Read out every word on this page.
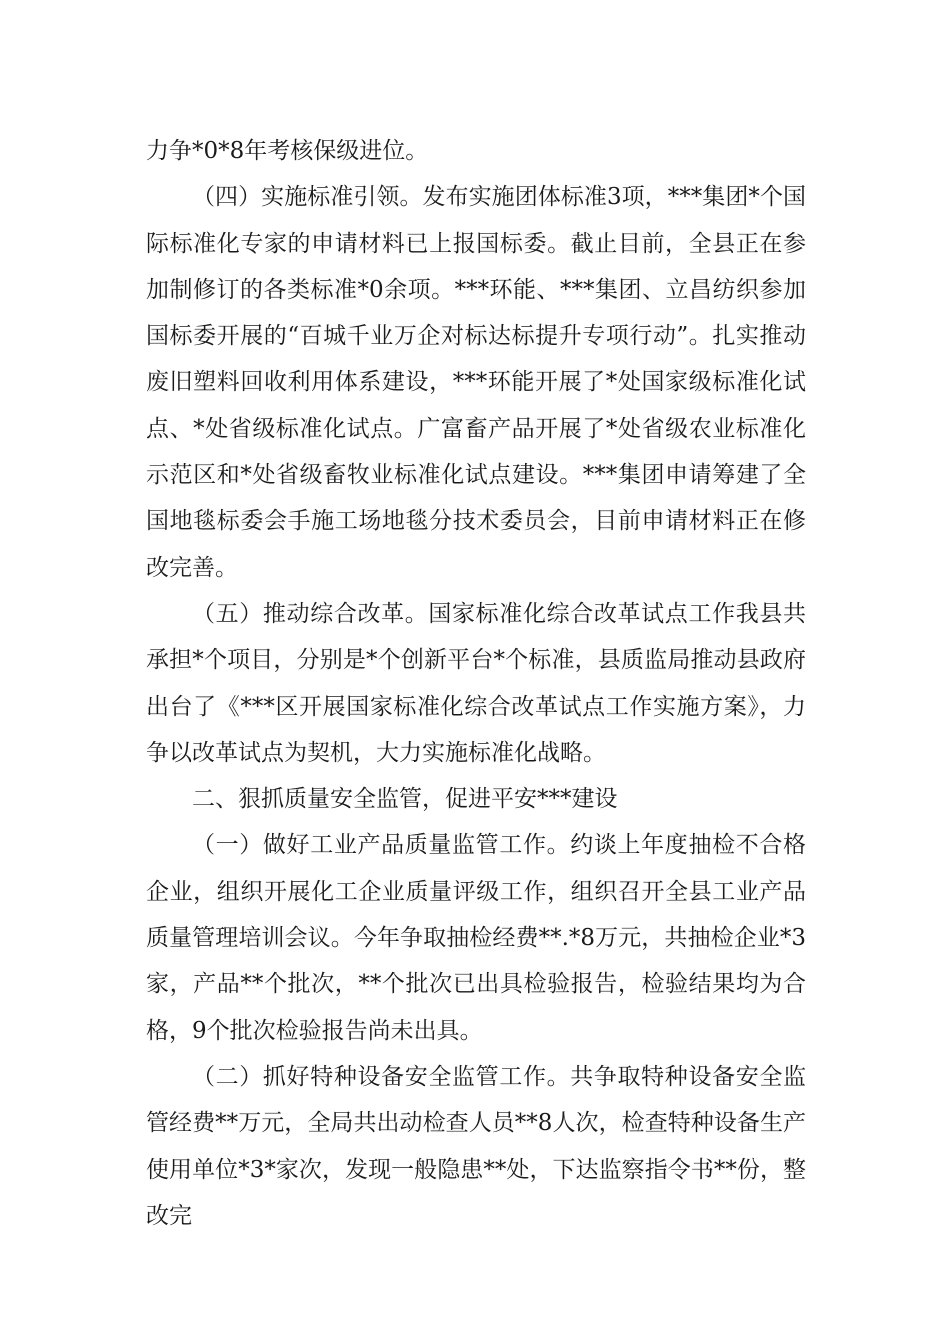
力争*0*8年考核保级进位。

（四）实施标准引领。发布实施团体标准3项，***集团*个国际标准化专家的申请材料已上报国标委。截止目前，全县正在参加制修订的各类标准*0余项。***环能、***集团、立昌纺织参加国标委开展的“百城千业万企对标达标提升专项行动”。扎实推动废旧塑料回收利用体系建设，***环能开展了*处国家级标准化试点、*处省级标准化试点。广富畜产品开展了*处省级农业标准化示范区和*处省级畜牧业标准化试点建设。***集团申请筹建了全国地毯标委会手施工场地毯分技术委员会，目前申请材料正在修改完善。

（五）推动综合改革。国家标准化综合改革试点工作我县共承担*个项目，分别是*个创新平台*个标准，县质监局推动县政府出台了《***区开展国家标准化综合改革试点工作实施方案》，力争以改革试点为契机，大力实施标准化战略。

二、狠抓质量安全监管，促进平安***建设

（一）做好工业产品质量监管工作。约谈上年度抽检不合格企业，组织开展化工企业质量评级工作，组织召开全县工业产品质量管理培训会议。今年争取抽检经费**.*8万元，共抽检企业*3家，产品**个批次，**个批次已出具检验报告，检验结果均为合格，9个批次检验报告尚未出具。

（二）抓好特种设备安全监管工作。共争取特种设备安全监管经费**万元，全局共出动检查人员**8人次，检查特种设备生产使用单位*3*家次，发现一般隐患**处，下达监察指令书**份，整改完
